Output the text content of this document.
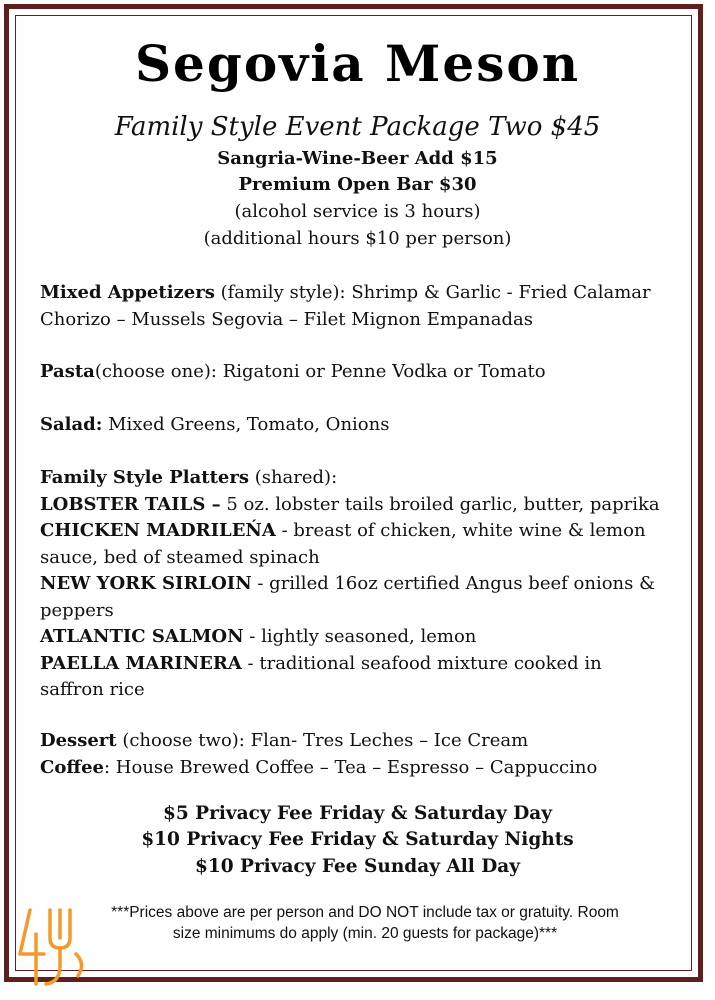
Segovia Meson
Family Style Event Package Two $45
Sangria-Wine-Beer Add $15
Premium Open Bar $30
(alcohol service is 3 hours)
(additional hours $10 per person)
Mixed Appetizers (family style): Shrimp & Garlic - Fried Calamar
Chorizo – Mussels Segovia – Filet Mignon Empanadas
Pasta(choose one): Rigatoni or Penne Vodka or Tomato
Salad: Mixed Greens, Tomato, Onions
Family Style Platters (shared):
LOBSTER TAILS – 5 oz. lobster tails broiled garlic, butter, paprika
CHICKEN MADRILEŃA - breast of chicken, white wine & lemon
sauce, bed of steamed spinach
NEW YORK SIRLOIN - grilled 16oz certified Angus beef onions &
peppers
ATLANTIC SALMON - lightly seasoned, lemon
PAELLA MARINERA - traditional seafood mixture cooked in
saffron rice
Dessert (choose two): Flan- Tres Leches – Ice Cream
Coffee: House Brewed Coffee – Tea – Espresso – Cappuccino
$5 Privacy Fee Friday & Saturday Day
$10 Privacy Fee Friday & Saturday Nights
$10 Privacy Fee Sunday All Day
***Prices above are per person and DO NOT include tax or gratuity. Room
size minimums do apply (min. 20 guests for package)***
